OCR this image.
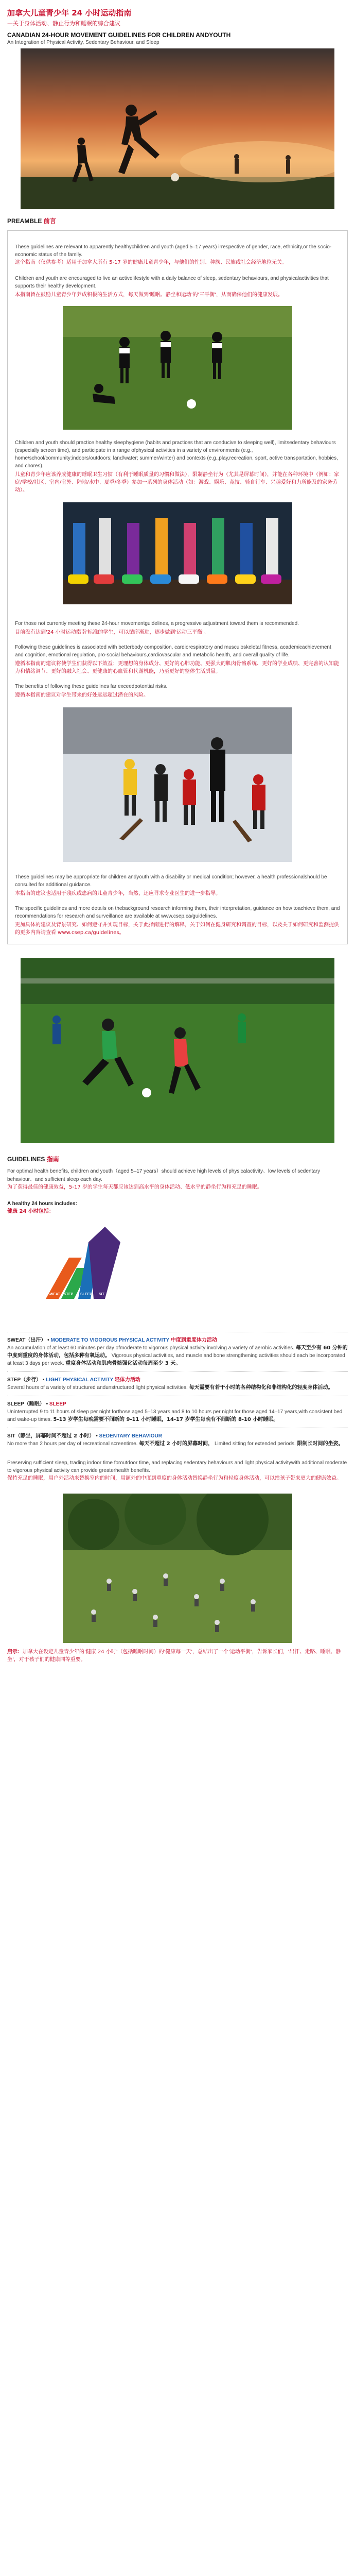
加拿大儿童青少年 24 小时运动指南
—关于身体活动、静止行为和睡眠的综合建议
CANADIAN 24-HOUR MOVEMENT GUIDELINES FOR CHILDREN ANDYOUTH
An Integration of Physical Activity, Sedentary Behaviour, and Sleep
PREAMBLE 前言

These guidelines are relevant to apparently healthychildren and youth (aged 5–17 years) irrespective of gender, race, ethnicity,or the socio-economic status of the family.

这个指南（仅供参考）适用于加拿大所有 5-17 岁的健康儿童青少年，与他们的性别、种族、民族或社会经济地位无关。

Children and youth are encouraged to live an activelifestyle with a daily balance of sleep, sedentary behaviours, and physicalactivities that supports their healthy development.

本指南旨在鼓励儿童青少年养成积极的生活方式，每天做到'睡眠、静坐和运动'的'三平衡'，从而确保他们的健康发展。

Children and youth should practice healthy sleephygiene (habits and practices that are conducive to sleeping well), limitsedentary behaviours (especially screen time), and participate in a range ofphysical activities in a variety of environments (e.g., home/school/community;indoors/outdoors; land/water; summer/winter) and contexts (e.g.,play,recreation, sport, active transportation, hobbies, and chores).

儿童和青少年应该养成健康的睡眠卫生习惯（有利于睡眠质量的习惯和做法），限制静坐行为（尤其是屏幕时间），并能在各种环境中（例如：家庭/学校/社区、室内/室外、陆地/水中、夏季/冬季）参加一系列的身体活动（如：游戏、娱乐、竞技、骑自行车、兴趣爱好和力所能及的家务劳动）。

For those not currently meeting these 24-hour movementguidelines, a progressive adjustment toward them is recommended.

目前没有达到'24 小时运动指南'标准的学生，可以循序渐进，逐步做到'运动三平衡'。

Following these guidelines is associated with betterbody composition, cardiorespiratory and musculoskeletal fitness, academicachievement and cognition, emotional regulation, pro-social behaviours,cardiovascular and metabolic health, and overall quality of life.

遵循本指南的建议将使学生们获得以下效益：更理想的身体成分、更好的心肺功能、更强大的肌肉骨骼系统、更好的学业成绩、更完善的认知能力和情绪调节、更好的融入社会、更健康的心血管和代谢机能，乃至更好的整体生活质量。

The benefits of following these guidelines far exceedpotential risks.

遵循本指南的建议对学生带来的好处远远超过潜在的风险。

These guidelines may be appropriate for children andyouth with a disability or medical condition; however, a health professionalshould be consulted for additional guidance.

本指南的建议也适用于残疾或患病的儿童青少年，当然，还应寻求专业医生的进一步指导。

The specific guidelines and more details on thebackground research informing them, their interpretation, guidance on how toachieve them, and recommendations for research and surveillance are available at www.csep.ca/guidelines.

更加具体的建议及背景研究、如何遵守并实现目标，关于此指南进行的解释，关于如何在健身研究和调查的目标，以及关于如何研究和监测提供的更多内容请查看 www.csep.ca/guidelines。

GUIDELINES 指南
For optimal health benefits, children and youth（aged 5–17 years）should achieve high levels of physicalactivity、low levels of sedentary behaviour、and sufficient sleep each day.
为了获得最佳的健康效益，5-17 岁的学生每天都应该达到高水平的身体活动、低水平的静坐行为和充足的睡眠。
A healthy 24 hours includes:
健康 24 小时包括：
SWEAT STEP SLEEP SIT
SWEAT（出汗） • MODERATE TO VIGOROUS PHYSICAL ACTIVITY 中度到重度体力活动
An accumulation of at least 60 minutes per day ofmoderate to vigorous physical activity involving a variety of aerobic activities. 每天至少有 60 分钟的中度到重度的身体活动，包括多种有氧运动。 Vigorous physical activities, and muscle and bone strengthening activities should each be incorporated at least 3 days per week. 重度身体活动和肌肉骨骼强化活动每周至少 3 天。
STEP（步行） • LIGHT PHYSICAL ACTIVITY 轻体力活动
Several hours of a variety of structured andunstructured light physical activities. 每天需要有若干小时的各种结构化和非结构化的轻度身体活动。
SLEEP（睡眠） • SLEEP
Uninterrupted 9 to 11 hours of sleep per night forthose aged 5–13 years and 8 to 10 hours per night for those aged 14–17 years,with consistent bed and wake-up times. 5-13 岁学生每晚需要不间断的 9-11 小时睡眠，14-17 岁学生每晚有不间断的 8-10 小时睡眠。
SIT（静坐，屏幕时间不超过 2 小时） • SEDENTARY BEHAVIOUR
No more than 2 hours per day of recreational screentime. 每天不超过 2 小时的屏幕时间， Limited sitting for extended periods. 限制长时间的坐姿。
Preserving sufficient sleep, trading indoor time foroutdoor time, and replacing sedentary behaviours and light physical activitywith additional moderate to vigorous physical activity can provide greaterhealth benefits.
保持充足的睡眠，用户外活动来替换室内的时间，用额外的中度到重度的身体活动替换静坐行为和轻度身体活动，可以给孩子带来更大的健康效益。
启示：加拿大在设定儿童青少年的'健康 24 小时'（包括睡眠时间）的'健康每一天'，总结出了一个'运动平衡'，告诉家长们，'出汗、走路、睡眠、静坐'，对于孩子们的健康同等重要。
